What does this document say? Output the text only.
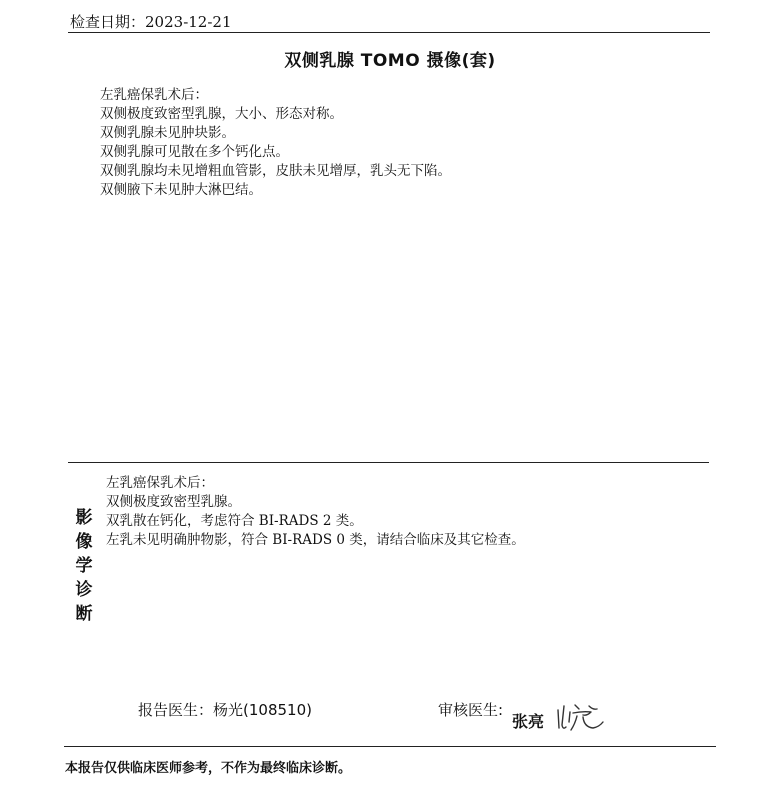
检查日期：2023-12-21
双侧乳腺 TOMO 摄像(套)
左乳癌保乳术后：
双侧极度致密型乳腺，大小、形态对称。
双侧乳腺未见肿块影。
双侧乳腺可见散在多个钙化点。
双侧乳腺均未见增粗血管影，皮肤未见增厚，乳头无下陷。
双侧腋下未见肿大淋巴结。
影
像
学
诊
断
左乳癌保乳术后：
双侧极度致密型乳腺。
双乳散在钙化，考虑符合 BI-RADS 2 类。
左乳未见明确肿物影，符合 BI-RADS 0 类，请结合临床及其它检查。
报告医生：杨光(108510)	审核医生:
张亮
本报告仅供临床医师参考，不作为最终临床诊断。
